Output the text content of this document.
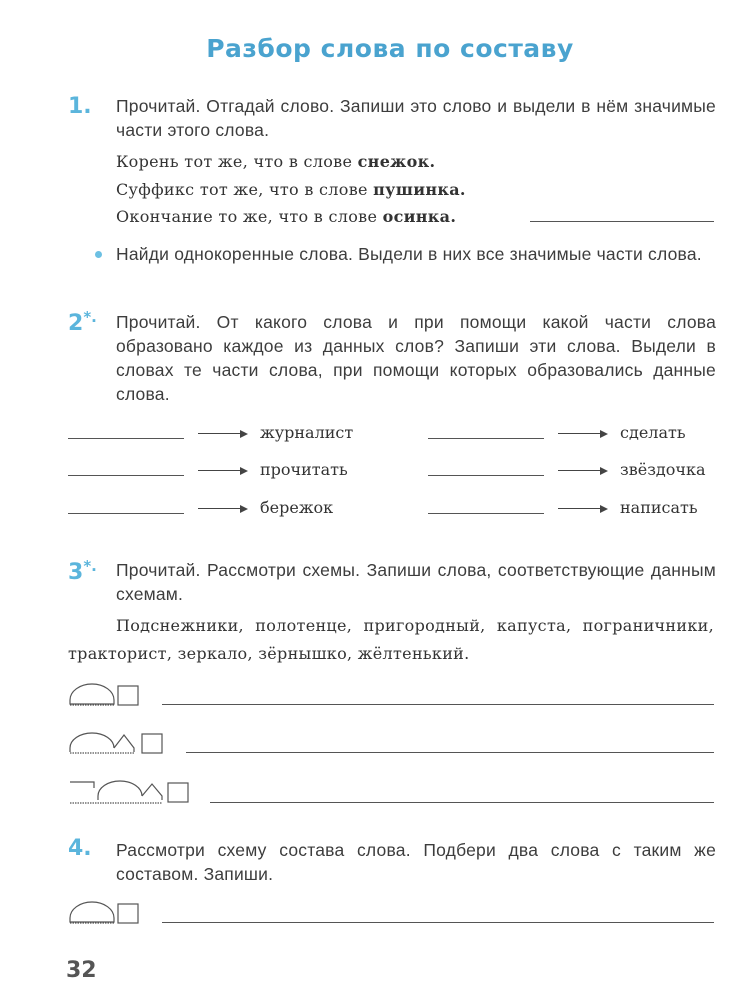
Разбор слова по составу
1. Прочитай. Отгадай слово. Запиши это слово и выдели в нём значимые части этого слова.
Корень тот же, что в слове снежок.
Суффикс тот же, что в слове пушинка.
Окончание то же, что в слове осинка.
Найди однокоренные слова. Выдели в них все значимые части слова.
2*. Прочитай. От какого слова и при помощи какой части слова образовано каждое из данных слов? Запиши эти слова. Выдели в словах те части слова, при помощи которых образовались данные слова.
журналист
прочитать
бережок
сделать
звёздочка
написать
3*. Прочитай. Рассмотри схемы. Запиши слова, соответствующие данным схемам.
Подснежники, полотенце, пригородный, капуста, пограничники, тракторист, зеркало, зёрнышко, жёлтенький.
4. Рассмотри схему состава слова. Подбери два слова с таким же составом. Запиши.
32
